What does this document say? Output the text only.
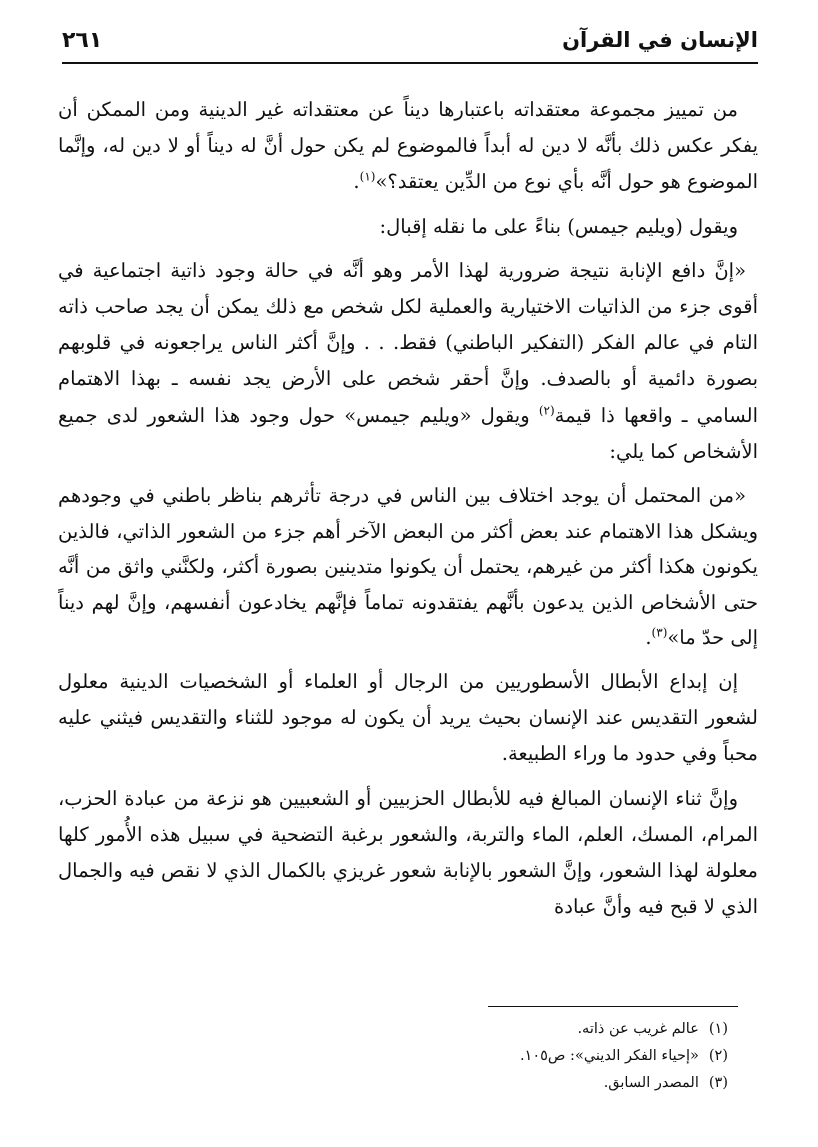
الإنسان في القرآن
٢٦١

من تمييز مجموعة معتقداته باعتبارها ديناً عن معتقداته غير الدينية ومن الممكن أن يفكر عكس ذلك بأنَّه لا دين له أبداً فالموضوع لم يكن حول أنَّ له ديناً أو لا دين له، وإنَّما الموضوع هو حول أنَّه بأي نوع من الدِّين يعتقد؟»$^{(١)}$.

ويقول (ويليم جيمس) بناءً على ما نقله إقبال:

«إنَّ دافع الإنابة نتيجة ضرورية لهذا الأمر وهو أنَّه في حالة وجود ذاتية اجتماعية في أقوى جزء من الذاتيات الاختيارية والعملية لكل شخص مع ذلك يمكن أن يجد صاحب ذاته التام في عالم الفكر (التفكير الباطني) فقط. . . وإنَّ أكثر الناس يراجعونه في قلوبهم بصورة دائمية أو بالصدف. وإنَّ أحقر شخص على الأرض يجد نفسه ـ بهذا الاهتمام السامي ـ واقعها ذا قيمة$^{(٢)}$ ويقول «ويليم جيمس» حول وجود هذا الشعور لدى جميع الأشخاص كما يلي:

«من المحتمل أن يوجد اختلاف بين الناس في درجة تأثرهم بناظر باطني في وجودهم ويشكل هذا الاهتمام عند بعض أكثر من البعض الآخر أهم جزء من الشعور الذاتي، فالذين يكونون هكذا أكثر من غيرهم، يحتمل أن يكونوا متدينين بصورة أكثر، ولكنَّني واثق من أنَّه حتى الأشخاص الذين يدعون بأنَّهم يفتقدونه تماماً فإنَّهم يخادعون أنفسهم، وإنَّ لهم ديناً إلى حدّ ما»$^{(٣)}$.

إن إبداع الأبطال الأسطوريين من الرجال أو العلماء أو الشخصيات الدينية معلول لشعور التقديس عند الإنسان بحيث يريد أن يكون له موجود للثناء والتقديس فيثني عليه محباً وفي حدود ما وراء الطبيعة.

وإنَّ ثناء الإنسان المبالغ فيه للأبطال الحزبيين أو الشعبيين هو نزعة من عبادة الحزب، المرام، المسك، العلم، الماء والتربة، والشعور برغبة التضحية في سبيل هذه الأُمور كلها معلولة لهذا الشعور، وإنَّ الشعور بالإنابة شعور غريزي بالكمال الذي لا نقص فيه والجمال الذي لا قبح فيه وأنَّ عبادة

(١)عالم غريب عن ذاته.
(٢)«إحياء الفكر الديني»: ص١٠٥.
(٣)المصدر السابق.
